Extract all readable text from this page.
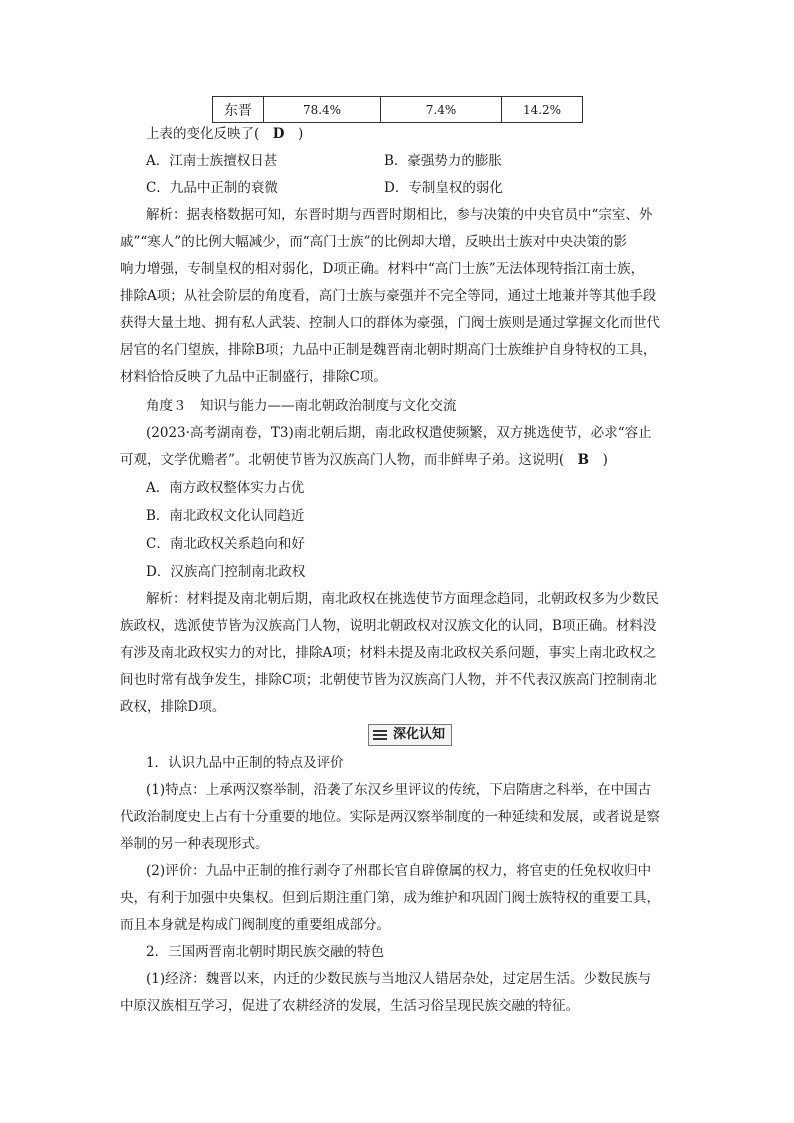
东晋	78.4%	7.4%	14.2%
上表的变化反映了(　D　)
A．江南士族擅权日甚	B．豪强势力的膨胀
C．九品中正制的衰微	D．专制皇权的弱化
解析：据表格数据可知，东晋时期与西晋时期相比，参与决策的中央官员中“宗室、外
戚”“寒人”的比例大幅减少，而“高门士族”的比例却大增，反映出士族对中央决策的影
响力增强，专制皇权的相对弱化，D项正确。材料中“高门士族”无法体现特指江南士族，
排除A项；从社会阶层的角度看，高门士族与豪强并不完全等同，通过土地兼并等其他手段
获得大量土地、拥有私人武装、控制人口的群体为豪强，门阀士族则是通过掌握文化而世代
居官的名门望族，排除B项；九品中正制是魏晋南北朝时期高门士族维护自身特权的工具，
材料恰恰反映了九品中正制盛行，排除C项。
角度３　知识与能力——南北朝政治制度与文化交流
(2023·高考湖南卷，T3)南北朝后期，南北政权遣使频繁，双方挑选使节，必求“容止
可观，文学优赡者”。北朝使节皆为汉族高门人物，而非鲜卑子弟。这说明(　B　)
A．南方政权整体实力占优
B．南北政权文化认同趋近
C．南北政权关系趋向和好
D．汉族高门控制南北政权
解析：材料提及南北朝后期，南北政权在挑选使节方面理念趋同，北朝政权多为少数民
族政权，选派使节皆为汉族高门人物，说明北朝政权对汉族文化的认同，B项正确。材料没
有涉及南北政权实力的对比，排除A项；材料未提及南北政权关系问题，事实上南北政权之
间也时常有战争发生，排除C项；北朝使节皆为汉族高门人物，并不代表汉族高门控制南北
政权，排除D项。
深化认知
1．认识九品中正制的特点及评价
(1)特点：上承两汉察举制，沿袭了东汉乡里评议的传统，下启隋唐之科举，在中国古
代政治制度史上占有十分重要的地位。实际是两汉察举制度的一种延续和发展，或者说是察
举制的另一种表现形式。
(2)评价：九品中正制的推行剥夺了州郡长官自辟僚属的权力，将官吏的任免权收归中
央，有利于加强中央集权。但到后期注重门第，成为维护和巩固门阀士族特权的重要工具，
而且本身就是构成门阀制度的重要组成部分。
2．三国两晋南北朝时期民族交融的特色
(1)经济：魏晋以来，内迁的少数民族与当地汉人错居杂处，过定居生活。少数民族与
中原汉族相互学习，促进了农耕经济的发展，生活习俗呈现民族交融的特征。
